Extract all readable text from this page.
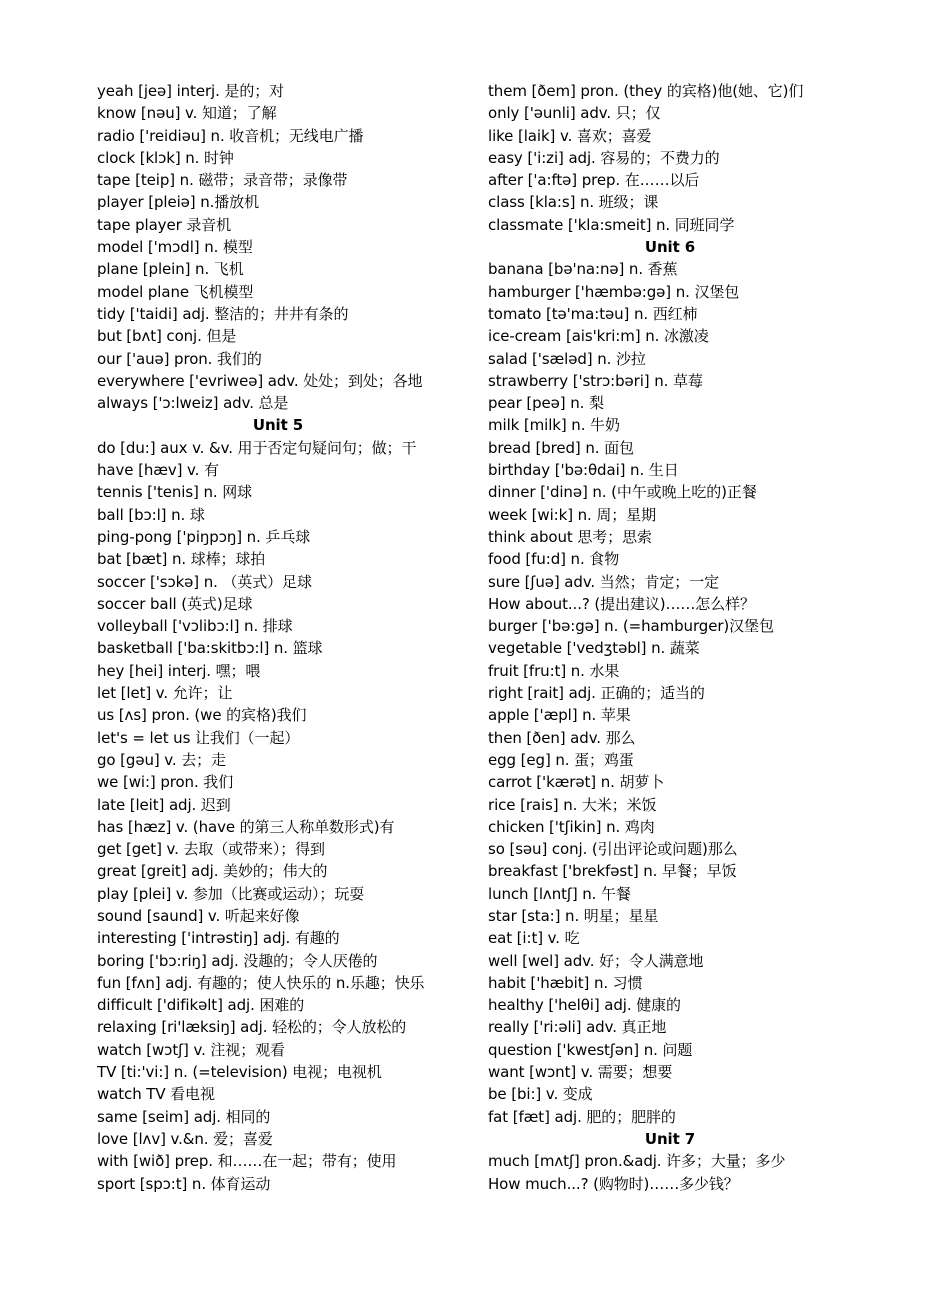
yeah [jeə] interj. 是的；对
know [nəu] v. 知道；了解
radio ['reidiəu] n. 收音机；无线电广播
clock [klɔk] n. 时钟
tape [teip] n. 磁带；录音带；录像带
player [pleiə] n.播放机
tape player 录音机
model ['mɔdl] n. 模型
plane [plein] n. 飞机
model plane 飞机模型
tidy ['taidi] adj. 整洁的；井井有条的
but [bʌt] conj. 但是
our ['auə] pron. 我们的
everywhere ['evriweə] adv. 处处；到处；各地
always ['ɔ:lweiz] adv. 总是
Unit 5
do [du:] aux v. &v. 用于否定句疑问句；做；干
have [hæv] v. 有
tennis ['tenis] n. 网球
ball [bɔ:l] n. 球
ping-pong ['piŋpɔŋ] n. 乒乓球
bat [bæt] n. 球棒；球拍
soccer ['sɔkə] n. （英式）足球
soccer ball (英式)足球
volleyball ['vɔlibɔ:l] n. 排球
basketball ['ba:skitbɔ:l] n. 篮球
hey [hei] interj. 嘿；喂
let [let] v. 允许；让
us [ʌs] pron. (we 的宾格)我们
let's = let us 让我们（一起）
go [gəu] v. 去；走
we [wi:] pron. 我们
late [leit] adj. 迟到
has [hæz] v. (have 的第三人称单数形式)有
get [get] v. 去取（或带来）；得到
great [greit] adj. 美妙的；伟大的
play [plei] v. 参加（比赛或运动）；玩耍
sound [saund] v. 听起来好像
interesting ['intrəstiŋ] adj. 有趣的
boring ['bɔ:riŋ] adj. 没趣的；令人厌倦的
fun [fʌn] adj. 有趣的；使人快乐的 n.乐趣；快乐
difficult ['difikəlt] adj. 困难的
relaxing [ri'læksiŋ] adj. 轻松的；令人放松的
watch [wɔtʃ] v. 注视；观看
TV [ti:'vi:] n. (=television) 电视；电视机
watch TV 看电视
same [seim] adj. 相同的
love [lʌv] v.&n. 爱；喜爱
with [wið] prep. 和……在一起；带有；使用
sport [spɔ:t] n. 体育运动
them [ðem] pron. (they 的宾格)他(她、它)们
only ['əunli] adv. 只；仅
like [laik] v. 喜欢；喜爱
easy ['i:zi] adj. 容易的；不费力的
after ['a:ftə] prep. 在……以后
class [kla:s] n. 班级；课
classmate ['kla:smeit] n. 同班同学
Unit 6
banana [bə'na:nə] n. 香蕉
hamburger ['hæmbə:gə] n. 汉堡包
tomato [tə'ma:təu] n. 西红柿
ice-cream [ais'kri:m] n. 冰激凌
salad ['sæləd] n. 沙拉
strawberry ['strɔ:bəri] n. 草莓
pear [peə] n. 梨
milk [milk] n. 牛奶
bread [bred] n. 面包
birthday ['bə:θdai] n. 生日
dinner ['dinə] n. (中午或晚上吃的)正餐
week [wi:k] n. 周；星期
think about 思考；思索
food [fu:d] n. 食物
sure [ʃuə] adv. 当然；肯定；一定
How about...? (提出建议)……怎么样？
burger ['bə:gə] n. (=hamburger)汉堡包
vegetable ['vedʒtəbl] n. 蔬菜
fruit [fru:t] n. 水果
right [rait] adj. 正确的；适当的
apple ['æpl] n. 苹果
then [ðen] adv. 那么
egg [eg] n. 蛋；鸡蛋
carrot ['kærət] n. 胡萝卜
rice [rais] n. 大米；米饭
chicken ['tʃikin] n. 鸡肉
so [səu] conj. (引出评论或问题)那么
breakfast ['brekfəst] n. 早餐；早饭
lunch [lʌntʃ] n. 午餐
star [sta:] n. 明星；星星
eat [i:t] v. 吃
well [wel] adv. 好；令人满意地
habit ['hæbit] n. 习惯
healthy ['helθi] adj. 健康的
really ['ri:əli] adv. 真正地
question ['kwestʃən] n. 问题
want [wɔnt] v. 需要；想要
be [bi:] v. 变成
fat [fæt] adj. 肥的；肥胖的
Unit 7
much [mʌtʃ] pron.&adj. 许多；大量；多少
How much...? (购物时)……多少钱？
